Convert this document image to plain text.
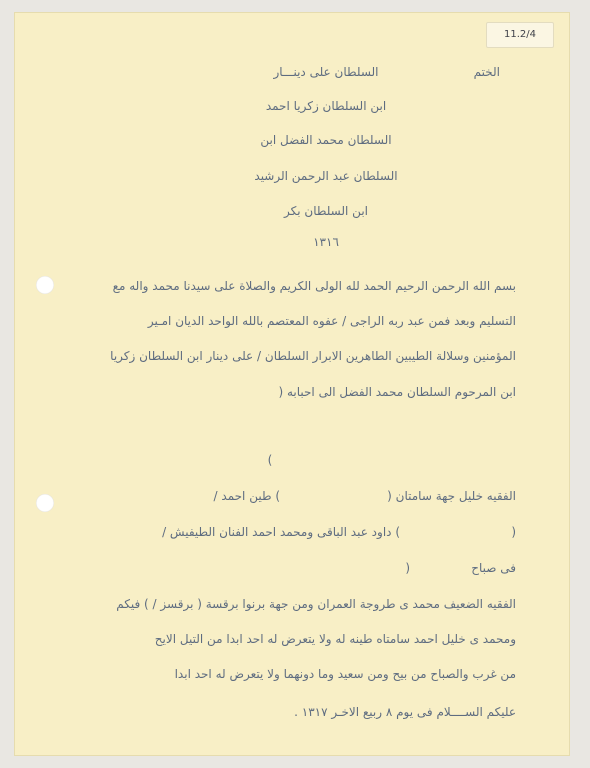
11.2/4
الختم
السلطان على دينـــار
ابن السلطان زكريا احمد
السلطان محمد الفضل ابن
السلطان عبد الرحمن الرشيد
ابن السلطان بكر
١٣١٦
بسم الله الرحمن الرحيم الحمد لله الولى الكريم والصلاة على سيدنا محمد واله مع
التسليم وبعد فمن عبد ربه الراجى / عفوه المعتصم بالله الواحد الديان امـير
المؤمنين وسلالة الطيبين الطاهرين الابرار السلطان / على دينار ابن السلطان زكريا
ابن المرحوم السلطان محمد الفضل الى احبابه (
)
الفقيه خليل جهة سامتان (
) طين احمد /
(
) داود عبد الباقى ومحمد احمد الفنان الطيفيش /
فى صباح
(
الفقيه الضعيف محمد ى طروجة العمران ومن جهة برنوا برقسة ( برقسز / ) فيكم
ومحمد ى خليل احمد سامتاه طينه له ولا يتعرض له احد ابدا من التيل الايح
من غرب والصباح من بيح ومن سعيد وما دونهما ولا يتعرض له احد ابدا
عليكم الســــلام فى يوم ٨ ربيع الاخـر ١٣١٧ .
